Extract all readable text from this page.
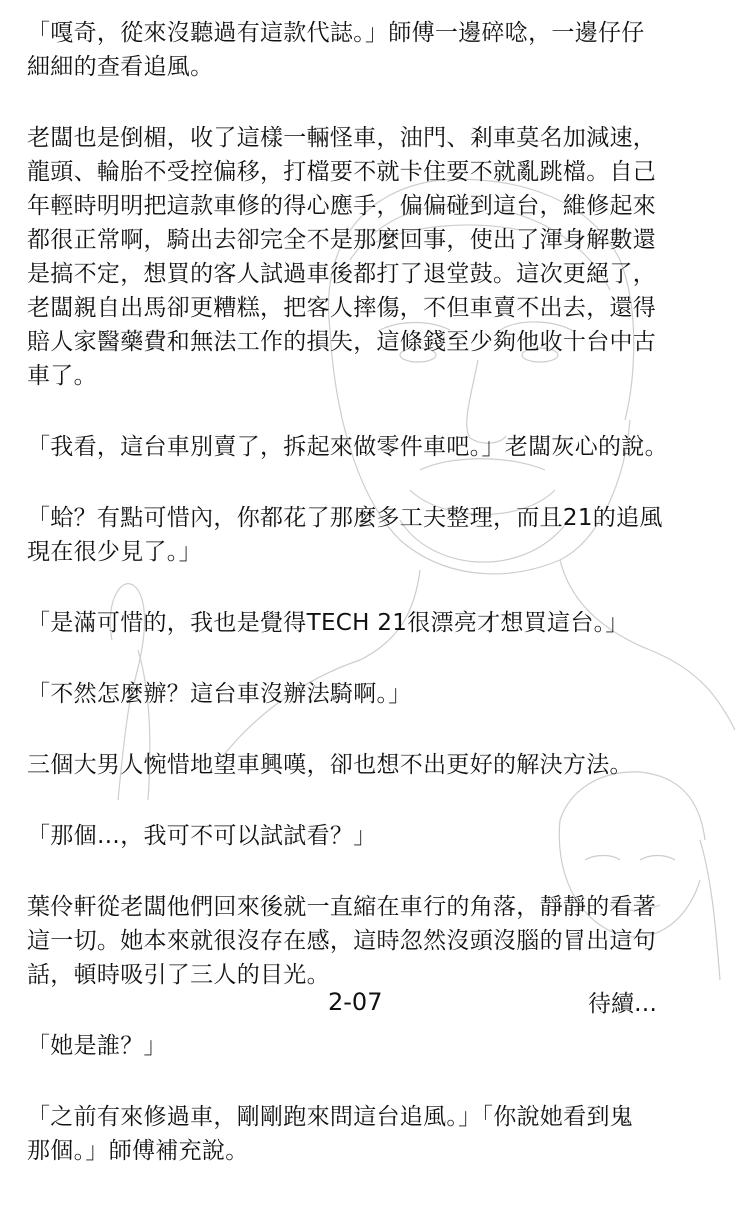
「嘎奇，從來沒聽過有這款代誌。」師傅一邊碎唸，一邊仔仔
細細的查看追風。

老闆也是倒楣，收了這樣一輛怪車，油門、剎車莫名加減速，
龍頭、輪胎不受控偏移，打檔要不就卡住要不就亂跳檔。自己
年輕時明明把這款車修的得心應手，偏偏碰到這台，維修起來
都很正常啊，騎出去卻完全不是那麼回事，使出了渾身解數還
是搞不定，想買的客人試過車後都打了退堂鼓。這次更絕了，
老闆親自出馬卻更糟糕，把客人摔傷，不但車賣不出去，還得
賠人家醫藥費和無法工作的損失，這條錢至少夠他收十台中古
車了。

「我看，這台車別賣了，拆起來做零件車吧。」老闆灰心的說。

「蛤？有點可惜內，你都花了那麼多工夫整理，而且21的追風
現在很少見了。」

「是滿可惜的，我也是覺得TECH 21很漂亮才想買這台。」

「不然怎麼辦？這台車沒辦法騎啊。」

三個大男人惋惜地望車興嘆，卻也想不出更好的解決方法。

「那個…，我可不可以試試看？」

葉伶軒從老闆他們回來後就一直縮在車行的角落，靜靜的看著
這一切。她本來就很沒存在感，這時忽然沒頭沒腦的冒出這句
話，頓時吸引了三人的目光。

「她是誰？」

「之前有來修過車，剛剛跑來問這台追風。」「你說她看到鬼
那個。」師傅補充說。

2-07	待續…
